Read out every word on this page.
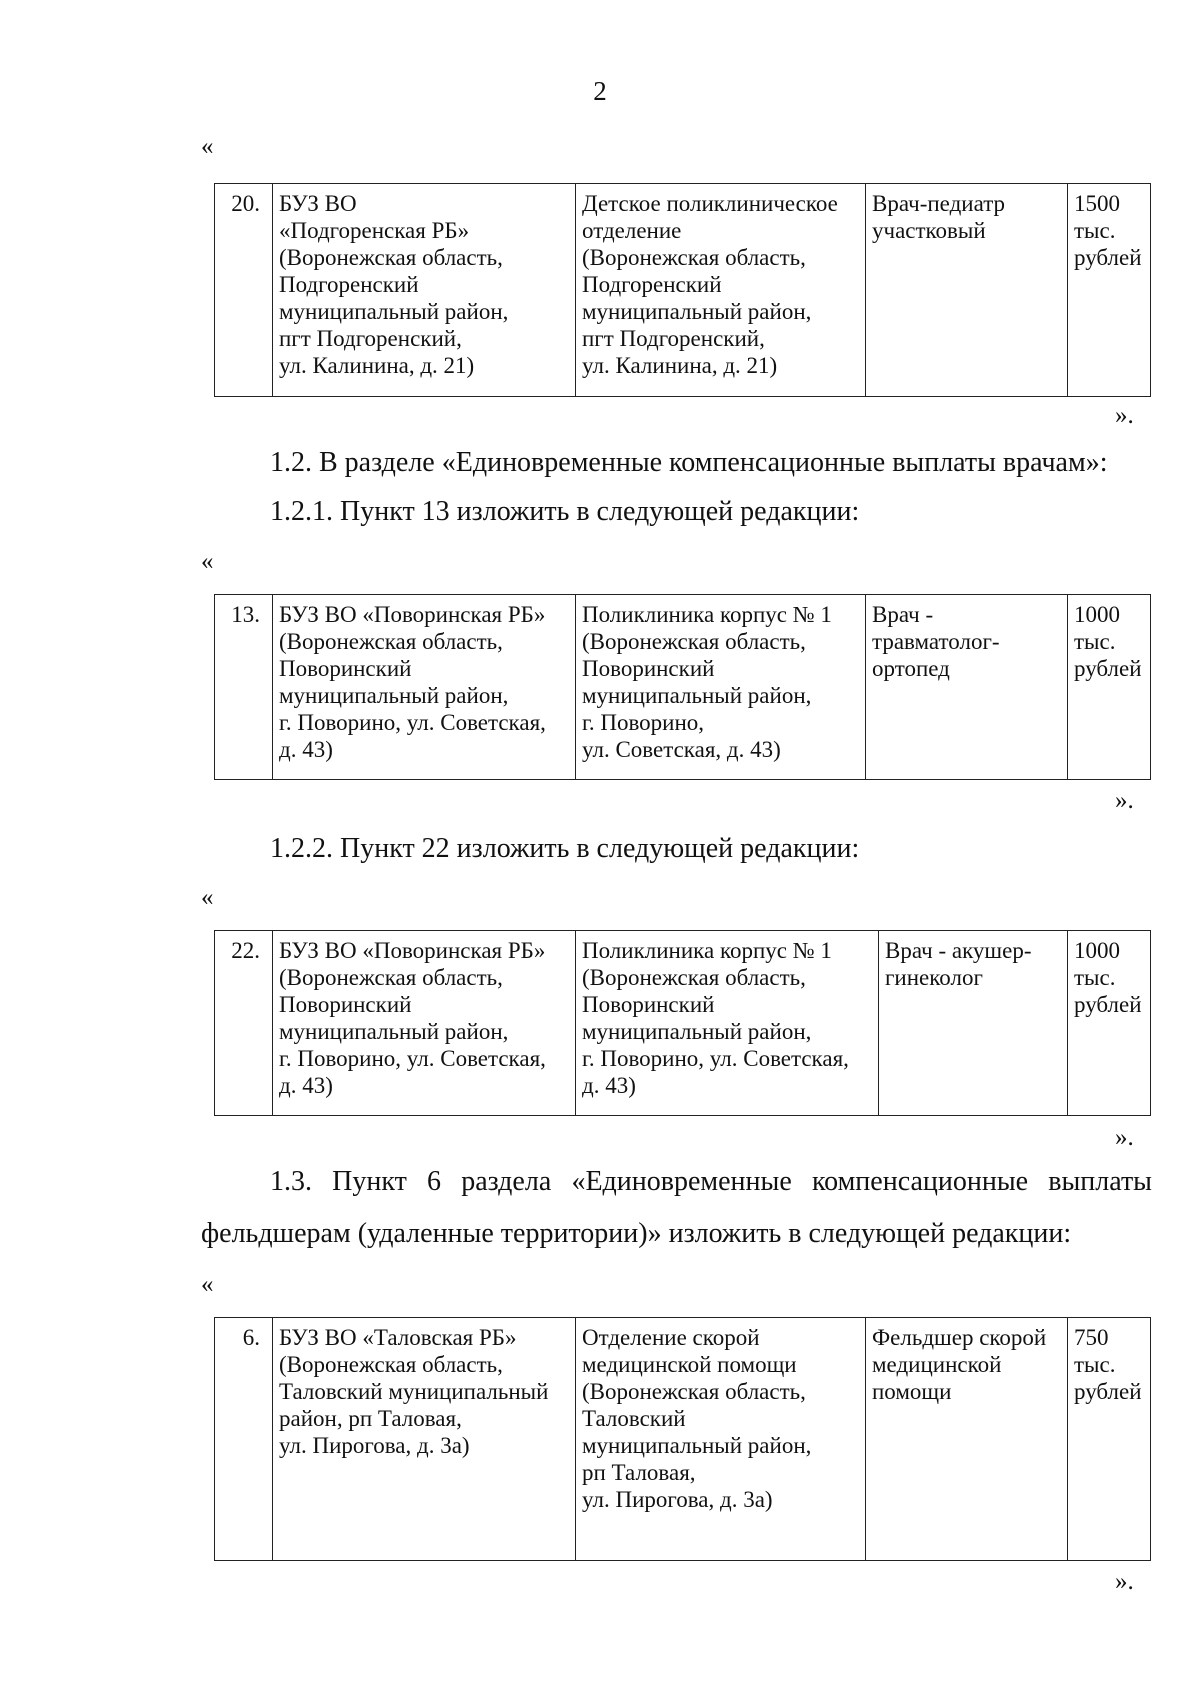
2
«
20.	БУЗ ВО
«Подгоренская РБ»
(Воронежская область,
Подгоренский
муниципальный район,
пгт Подгоренский,
ул. Калинина, д. 21)	Детское поликлиническое
отделение
(Воронежская область,
Подгоренский
муниципальный район,
пгт Подгоренский,
ул. Калинина, д. 21)	Врач-педиатр
участковый	1500
тыс.
рублей
».
1.2. В разделе «Единовременные компенсационные выплаты врачам»:
1.2.1. Пункт 13 изложить в следующей редакции:
«
13.	БУЗ ВО «Поворинская РБ»
(Воронежская область,
Поворинский
муниципальный район,
г. Поворино, ул. Советская,
д. 43)	Поликлиника корпус № 1
(Воронежская область,
Поворинский
муниципальный район,
г. Поворино,
ул. Советская, д. 43)	Врач -
травматолог-
ортопед	1000
тыс.
рублей
».
1.2.2. Пункт 22 изложить в следующей редакции:
«
22.	БУЗ ВО «Поворинская РБ»
(Воронежская область,
Поворинский
муниципальный район,
г. Поворино, ул. Советская,
д. 43)	Поликлиника корпус № 1
(Воронежская область,
Поворинский
муниципальный район,
г. Поворино, ул. Советская,
д. 43)	Врач - акушер-
гинеколог	1000
тыс.
рублей
».
1.3. Пункт 6 раздела «Единовременные компенсационные выплаты
фельдшерам (удаленные территории)» изложить в следующей редакции:
«
6.	БУЗ ВО «Таловская РБ»
(Воронежская область,
Таловский муниципальный
район, рп Таловая,
ул. Пирогова, д. 3а)	Отделение скорой
медицинской помощи
(Воронежская область,
Таловский
муниципальный район,
рп Таловая,
ул. Пирогова, д. 3а)	Фельдшер скорой
медицинской
помощи	750
тыс.
рублей
».
